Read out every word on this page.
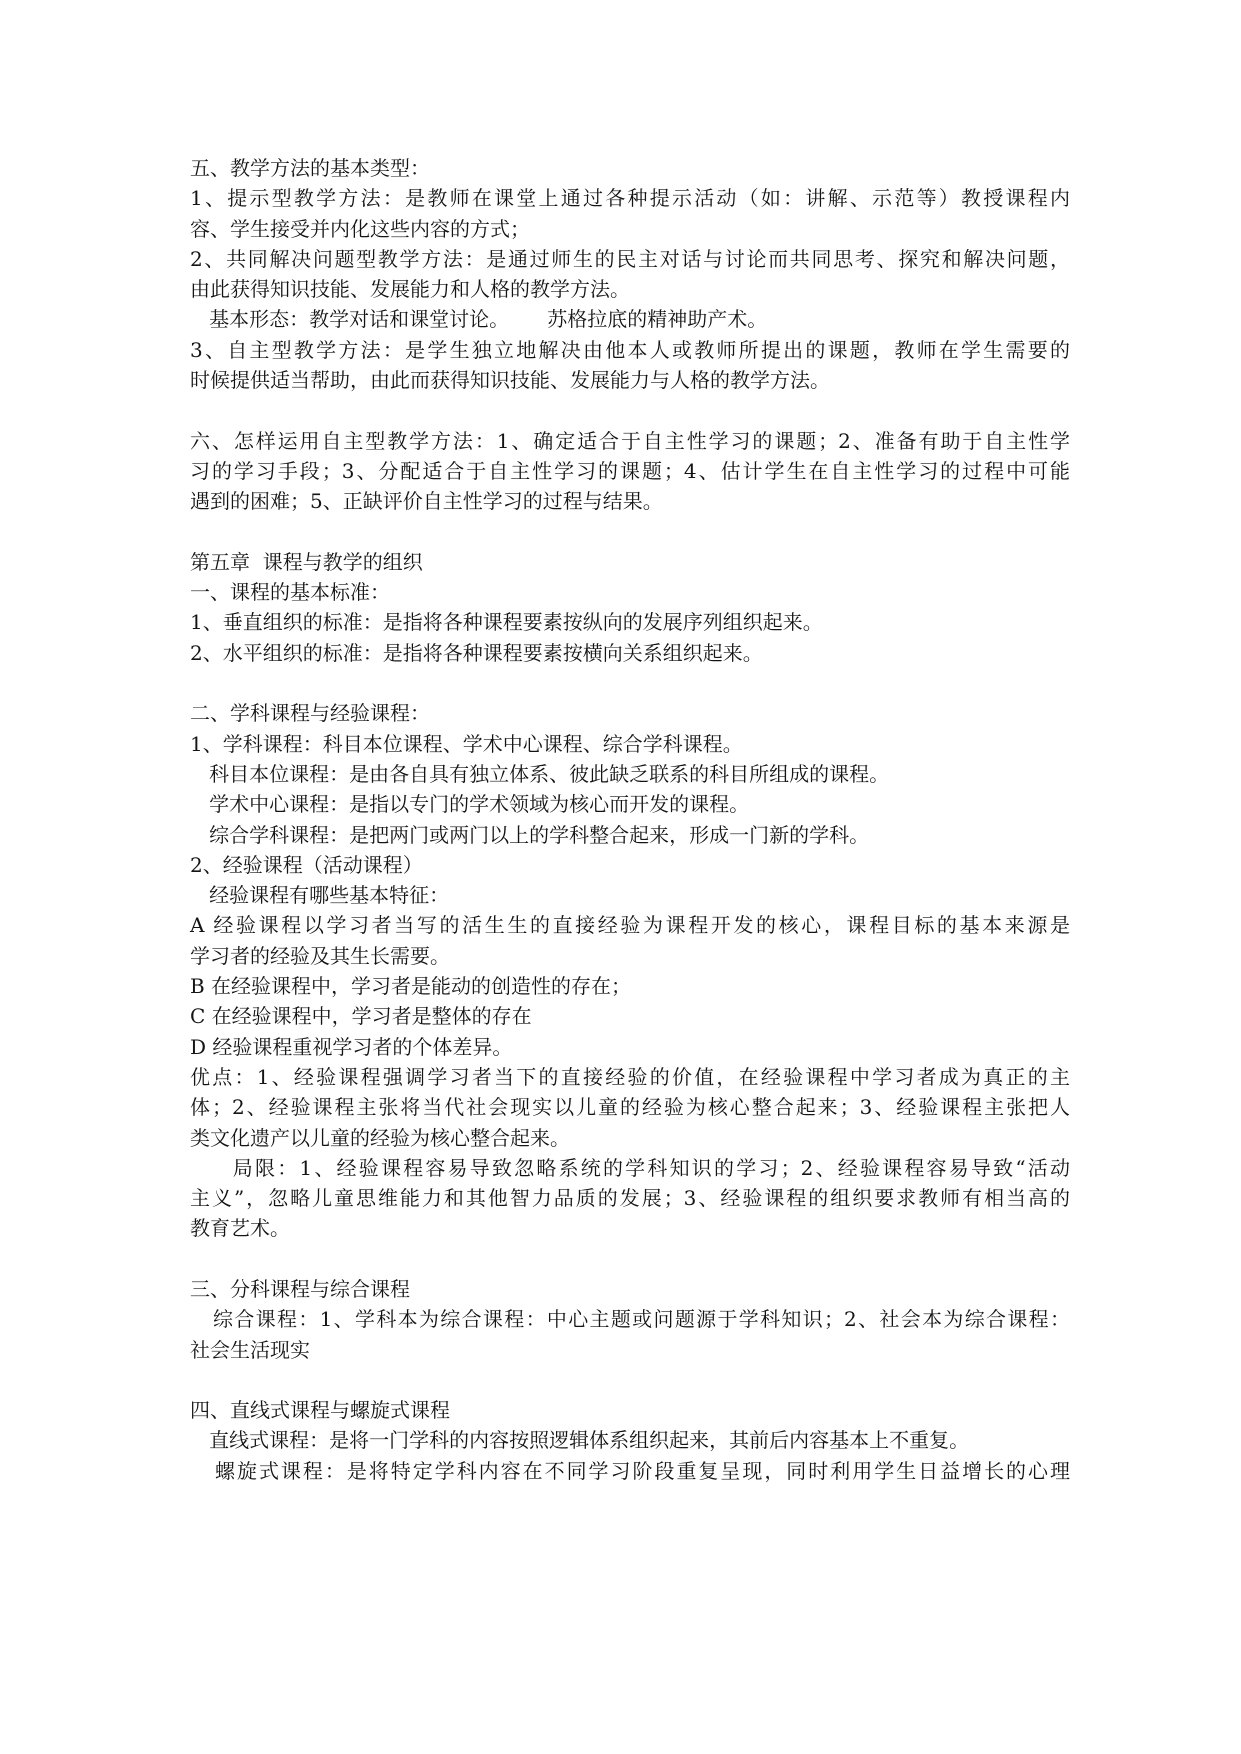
五、教学方法的基本类型：
1、提示型教学方法：是教师在课堂上通过各种提示活动（如：讲解、示范等）教授课程内
容、学生接受并内化这些内容的方式；
2、共同解决问题型教学方法：是通过师生的民主对话与讨论而共同思考、探究和解决问题，
由此获得知识技能、发展能力和人格的教学方法。
基本形态：教学对话和课堂讨论。      苏格拉底的精神助产术。
3、自主型教学方法：是学生独立地解决由他本人或教师所提出的课题，教师在学生需要的
时候提供适当帮助，由此而获得知识技能、发展能力与人格的教学方法。
六、怎样运用自主型教学方法：1、确定适合于自主性学习的课题；2、准备有助于自主性学
习的学习手段；3、分配适合于自主性学习的课题；4、估计学生在自主性学习的过程中可能
遇到的困难；5、正缺评价自主性学习的过程与结果。
第五章  课程与教学的组织
一、课程的基本标准：
1、垂直组织的标准：是指将各种课程要素按纵向的发展序列组织起来。
2、水平组织的标准：是指将各种课程要素按横向关系组织起来。
二、学科课程与经验课程：
1、学科课程：科目本位课程、学术中心课程、综合学科课程。
科目本位课程：是由各自具有独立体系、彼此缺乏联系的科目所组成的课程。
学术中心课程：是指以专门的学术领域为核心而开发的课程。
综合学科课程：是把两门或两门以上的学科整合起来，形成一门新的学科。
2、经验课程（活动课程）
经验课程有哪些基本特征：
A 经验课程以学习者当写的活生生的直接经验为课程开发的核心，课程目标的基本来源是
学习者的经验及其生长需要。
B 在经验课程中，学习者是能动的创造性的存在；
C 在经验课程中，学习者是整体的存在
D 经验课程重视学习者的个体差异。
优点：1、经验课程强调学习者当下的直接经验的价值，在经验课程中学习者成为真正的主
体；2、经验课程主张将当代社会现实以儿童的经验为核心整合起来；3、经验课程主张把人
类文化遗产以儿童的经验为核心整合起来。
局限：1、经验课程容易导致忽略系统的学科知识的学习；2、经验课程容易导致“活动
主义”，忽略儿童思维能力和其他智力品质的发展；3、经验课程的组织要求教师有相当高的
教育艺术。
三、分科课程与综合课程
综合课程：1、学科本为综合课程：中心主题或问题源于学科知识；2、社会本为综合课程：
社会生活现实
四、直线式课程与螺旋式课程
直线式课程：是将一门学科的内容按照逻辑体系组织起来，其前后内容基本上不重复。
螺旋式课程：是将特定学科内容在不同学习阶段重复呈现，同时利用学生日益增长的心理
